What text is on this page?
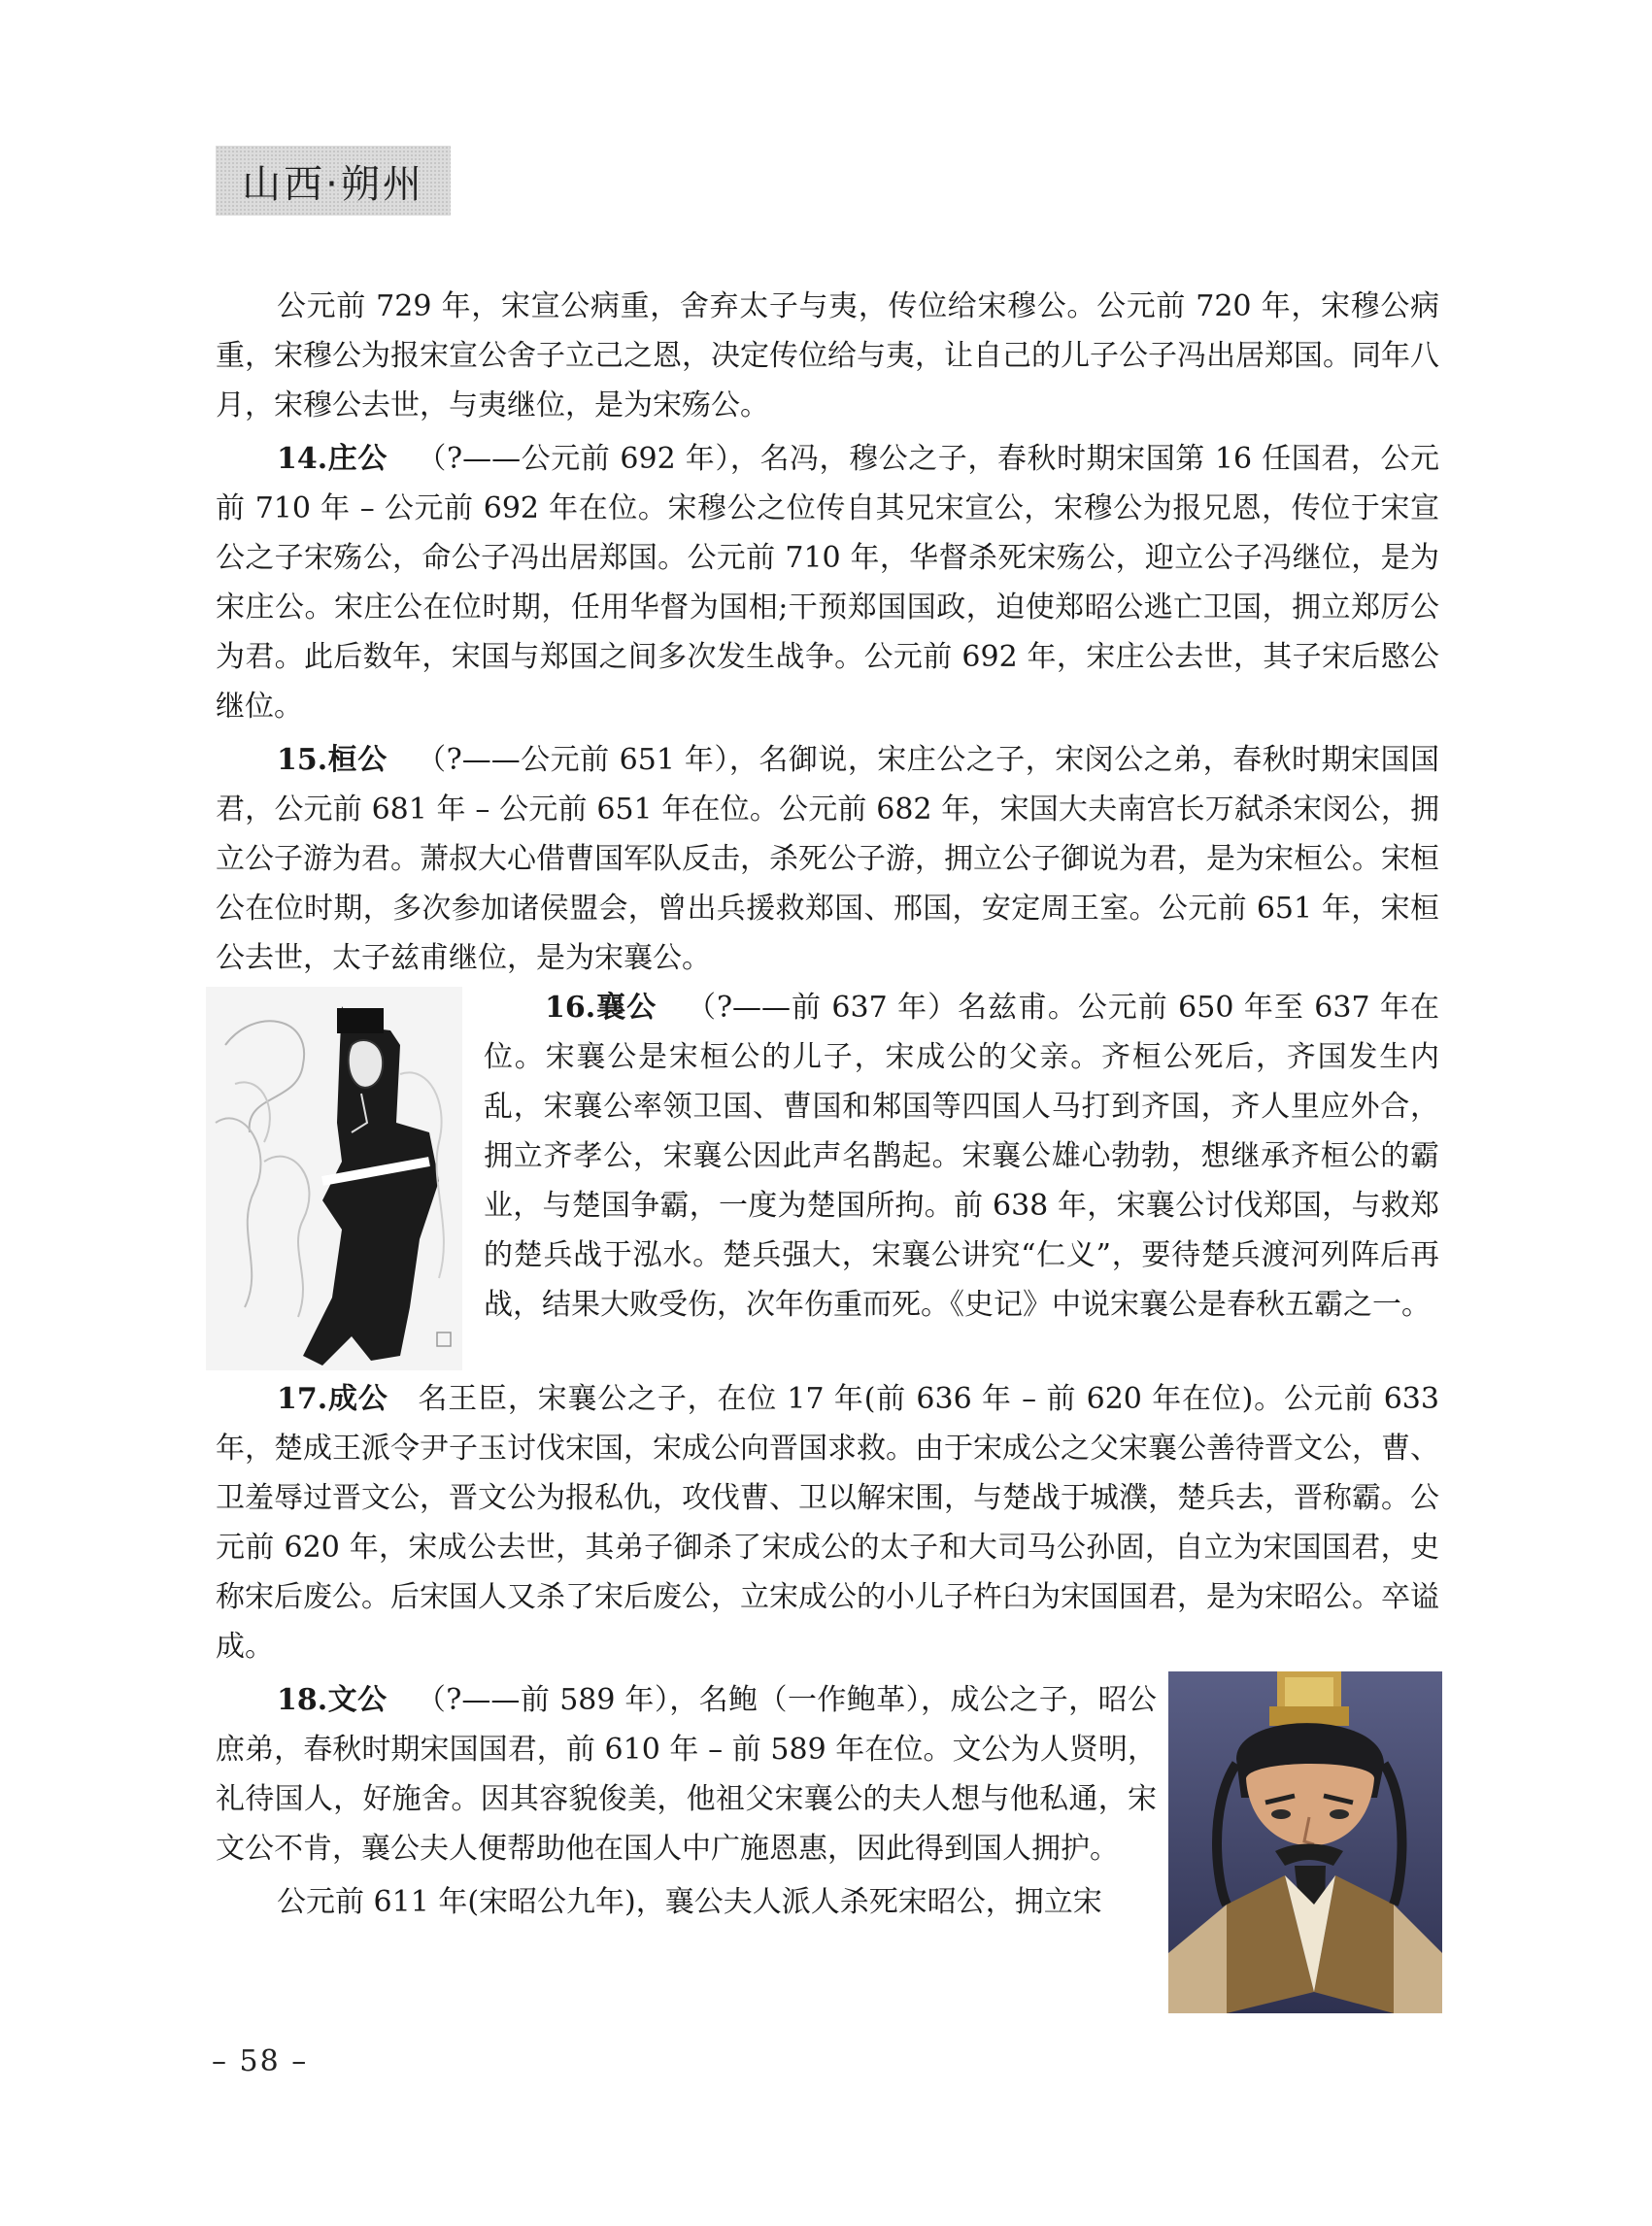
山西·朔州

公元前 729 年，宋宣公病重，舍弃太子与夷，传位给宋穆公。公元前 720 年，宋穆公病重，宋穆公为报宋宣公舍子立己之恩，决定传位给与夷，让自己的儿子公子冯出居郑国。同年八月，宋穆公去世，与夷继位，是为宋殇公。

14.庄公 （?——公元前 692 年），名冯，穆公之子，春秋时期宋国第 16 任国君，公元前 710 年 – 公元前 692 年在位。宋穆公之位传自其兄宋宣公，宋穆公为报兄恩，传位于宋宣公之子宋殇公，命公子冯出居郑国。公元前 710 年，华督杀死宋殇公，迎立公子冯继位，是为宋庄公。宋庄公在位时期，任用华督为国相;干预郑国国政，迫使郑昭公逃亡卫国，拥立郑厉公为君。此后数年，宋国与郑国之间多次发生战争。公元前 692 年，宋庄公去世，其子宋后愍公继位。

15.桓公 （?——公元前 651 年），名御说，宋庄公之子，宋闵公之弟，春秋时期宋国国君，公元前 681 年 – 公元前 651 年在位。公元前 682 年，宋国大夫南宫长万弑杀宋闵公，拥立公子游为君。萧叔大心借曹国军队反击，杀死公子游，拥立公子御说为君，是为宋桓公。宋桓公在位时期，多次参加诸侯盟会，曾出兵援救郑国、邢国，安定周王室。公元前 651 年，宋桓公去世，太子兹甫继位，是为宋襄公。

16.襄公 （?——前 637 年）名兹甫。公元前 650 年至 637 年在位。宋襄公是宋桓公的儿子，宋成公的父亲。齐桓公死后，齐国发生内乱，宋襄公率领卫国、曹国和邾国等四国人马打到齐国，齐人里应外合，拥立齐孝公，宋襄公因此声名鹊起。宋襄公雄心勃勃，想继承齐桓公的霸业，与楚国争霸，一度为楚国所拘。前 638 年，宋襄公讨伐郑国，与救郑的楚兵战于泓水。楚兵强大，宋襄公讲究“仁义”，要待楚兵渡河列阵后再战，结果大败受伤，次年伤重而死。《史记》中说宋襄公是春秋五霸之一。

17.成公 名王臣，宋襄公之子，在位 17 年(前 636 年 – 前 620 年在位)。公元前 633 年，楚成王派令尹子玉讨伐宋国，宋成公向晋国求救。由于宋成公之父宋襄公善待晋文公，曹、卫羞辱过晋文公，晋文公为报私仇，攻伐曹、卫以解宋围，与楚战于城濮，楚兵去，晋称霸。公元前 620 年，宋成公去世，其弟子御杀了宋成公的太子和大司马公孙固，自立为宋国国君，史称宋后废公。后宋国人又杀了宋后废公，立宋成公的小儿子杵臼为宋国国君，是为宋昭公。卒谥成。

18.文公 （?——前 589 年），名鲍（一作鲍革），成公之子，昭公庶弟，春秋时期宋国国君，前 610 年 – 前 589 年在位。文公为人贤明，礼待国人，好施舍。因其容貌俊美，他祖父宋襄公的夫人想与他私通，宋文公不肯，襄公夫人便帮助他在国人中广施恩惠，因此得到国人拥护。

公元前 611 年(宋昭公九年)，襄公夫人派人杀死宋昭公，拥立宋

– 58 –
